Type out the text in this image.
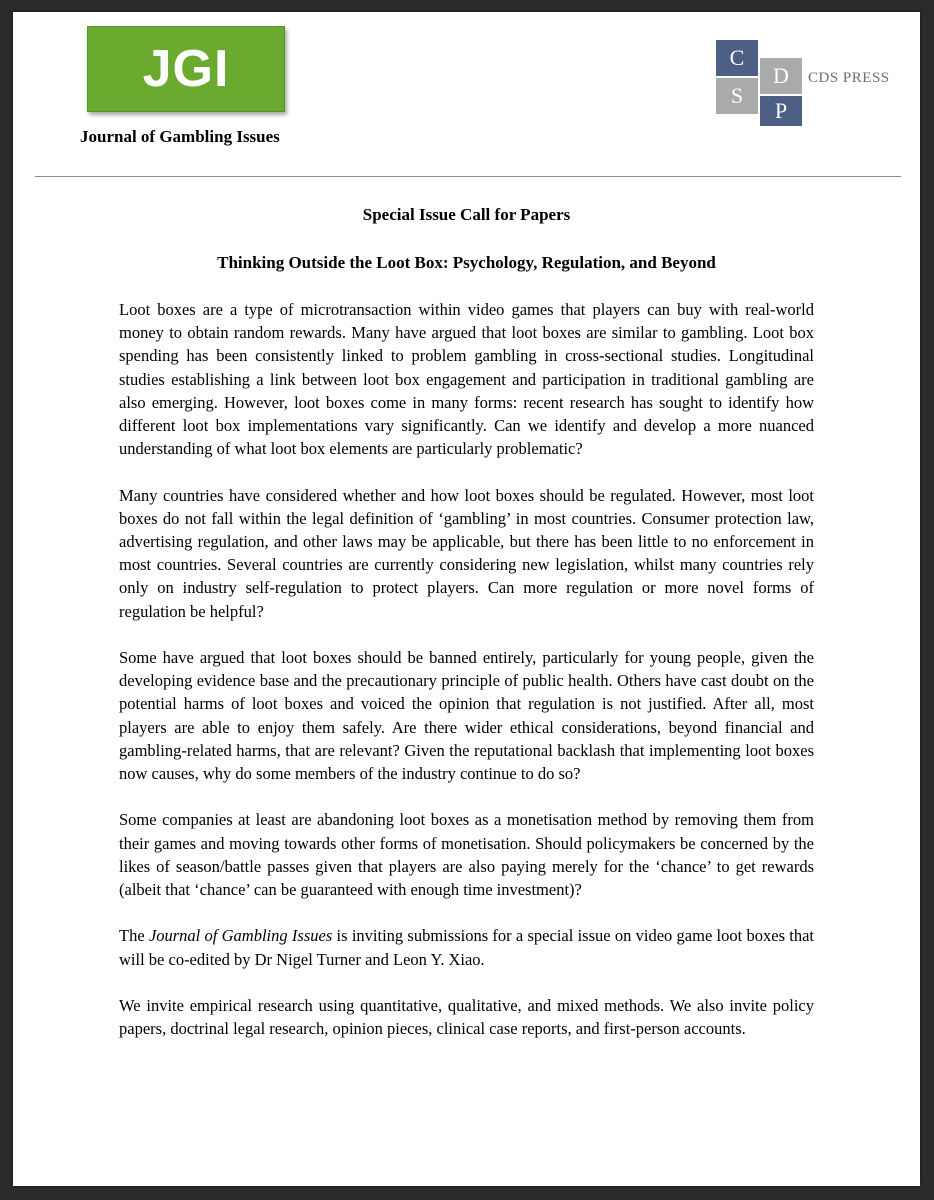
JGI
Journal of Gambling Issues
C
S
D
P
CDS PRESS
Special Issue Call for Papers
Thinking Outside the Loot Box: Psychology, Regulation, and Beyond

Loot boxes are a type of microtransaction within video games that players can buy with real-world money to obtain random rewards. Many have argued that loot boxes are similar to gambling. Loot box spending has been consistently linked to problem gambling in cross-sectional studies. Longitudinal studies establishing a link between loot box engagement and participation in traditional gambling are also emerging. However, loot boxes come in many forms: recent research has sought to identify how different loot box implementations vary significantly. Can we identify and develop a more nuanced understanding of what loot box elements are particularly problematic?

Many countries have considered whether and how loot boxes should be regulated. However, most loot boxes do not fall within the legal definition of ‘gambling’ in most countries. Consumer protection law, advertising regulation, and other laws may be applicable, but there has been little to no enforcement in most countries. Several countries are currently considering new legislation, whilst many countries rely only on industry self-regulation to protect players. Can more regulation or more novel forms of regulation be helpful?

Some have argued that loot boxes should be banned entirely, particularly for young people, given the developing evidence base and the precautionary principle of public health. Others have cast doubt on the potential harms of loot boxes and voiced the opinion that regulation is not justified. After all, most players are able to enjoy them safely. Are there wider ethical considerations, beyond financial and gambling-related harms, that are relevant? Given the reputational backlash that implementing loot boxes now causes, why do some members of the industry continue to do so?

Some companies at least are abandoning loot boxes as a monetisation method by removing them from their games and moving towards other forms of monetisation. Should policymakers be concerned by the likes of season/battle passes given that players are also paying merely for the ‘chance’ to get rewards (albeit that ‘chance’ can be guaranteed with enough time investment)?

The Journal of Gambling Issues is inviting submissions for a special issue on video game loot boxes that will be co-edited by Dr Nigel Turner and Leon Y. Xiao.

We invite empirical research using quantitative, qualitative, and mixed methods. We also invite policy papers, doctrinal legal research, opinion pieces, clinical case reports, and first-person accounts.
